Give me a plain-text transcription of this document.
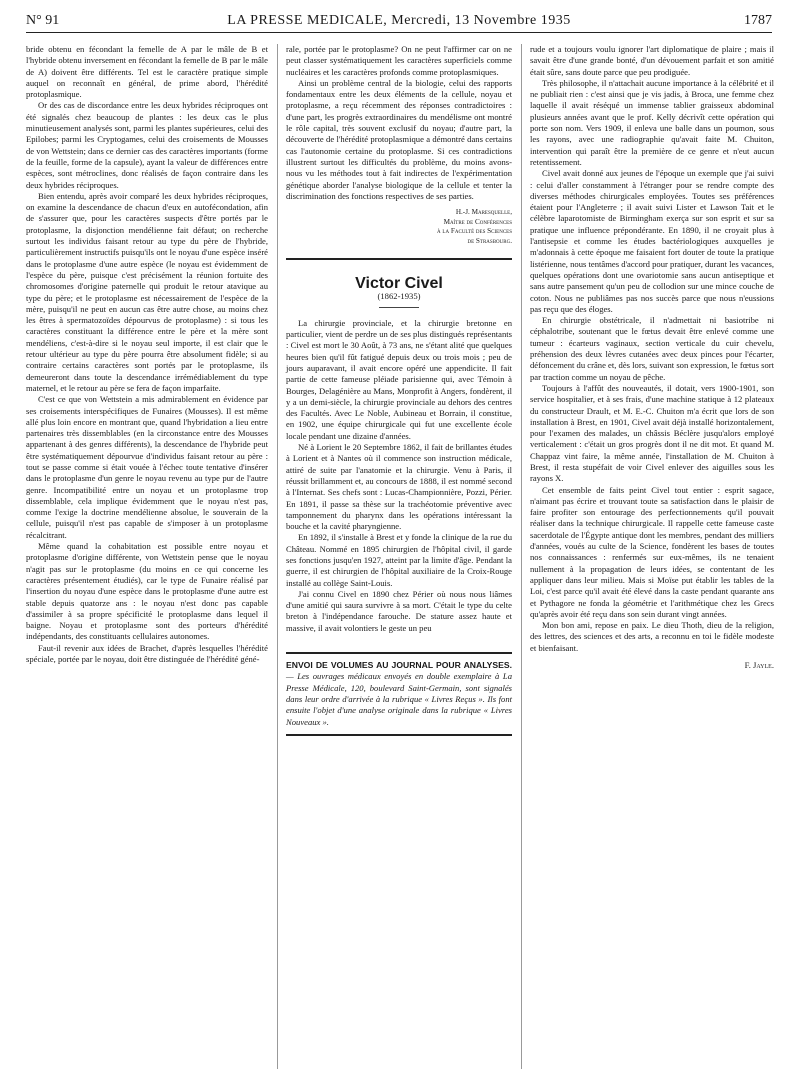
N° 91	LA PRESSE MEDICALE, Mercredi, 13 Novembre 1935	1787

bride obtenu en fécondant la femelle de A par le mâle de B et l'hybride obtenu inversement en fécondant la femelle de B par le mâle de A) doivent être différents. Tel est le caractère pratique simple auquel on reconnaît en général, de prime abord, l'hérédité protoplasmique.

Or des cas de discordance entre les deux hybrides réciproques ont été signalés chez beaucoup de plantes : les deux cas le plus minutieusement analysés sont, parmi les plantes supérieures, celui des Epilobes; parmi les Cryptogames, celui des croisements de Mousses de von Wettstein; dans ce dernier cas des caractères importants (forme de la feuille, forme de la capsule), ayant la valeur de différences entre espèces, sont métroclines, donc réalisés de façon contraire dans les deux hybrides réciproques.

Bien entendu, après avoir comparé les deux hybrides réciproques, on examine la descendance de chacun d'eux en autofécondation, afin de s'assurer que, pour les caractères suspects d'être portés par le protoplasme, la disjonction mendélienne fait défaut; on recherche surtout les individus faisant retour au type du père de l'hybride, particulièrement instructifs puisqu'ils ont le noyau d'une espèce inséré dans le protoplasme d'une autre espèce (le noyau est évidemment de l'espèce du père, puisque c'est précisément la réunion fortuite des chromosomes d'origine paternelle qui produit le retour atavique au type du père; et le protoplasme est nécessairement de l'espèce de la mère, puisqu'il ne peut en aucun cas être autre chose, au moins chez les êtres à spermatozoïdes dépourvus de protoplasme) : si tous les caractères constituant la différence entre le père et la mère sont mendéliens, c'est-à-dire si le noyau seul importe, il est clair que le retour ultérieur au type du père pourra être absolument fidèle; si au contraire certains caractères sont portés par le protoplasme, ils demeureront dans toute la descendance irrémédiablement du type maternel, et le retour au père se fera de façon imparfaite.

C'est ce que von Wettstein a mis admirablement en évidence par ses croisements interspécifiques de Funaires (Mousses). Il est même allé plus loin encore en montrant que, quand l'hybridation a lieu entre partenaires très dissemblables (en la circonstance entre des Mousses appartenant à des genres différents), la descendance de l'hybride peut être systématiquement dépourvue d'individus faisant retour au père : tout se passe comme si était vouée à l'échec toute tentative d'insérer dans le protoplasme d'un genre le noyau revenu au type pur de l'autre genre. Incompatibilité entre un noyau et un protoplasme trop dissemblable, cela implique évidemment que le noyau n'est pas, comme l'exige la doctrine mendélienne absolue, le souverain de la cellule, puisqu'il n'est pas capable de s'imposer à un protoplasme récalcitrant.

Même quand la cohabitation est possible entre noyau et protoplasme d'origine différente, von Wettstein pense que le noyau n'agit pas sur le protoplasme (du moins en ce qui concerne les caractères présentement étudiés), car le type de Funaire réalisé par l'insertion du noyau d'une espèce dans le protoplasme d'une autre est stable depuis quatorze ans : le noyau n'est donc pas capable d'assimiler à sa propre spécificité le protoplasme dans lequel il baigne. Noyau et protoplasme sont des porteurs d'hérédité indépendants, des constituants cellulaires autonomes.

Faut-il revenir aux idées de Brachet, d'après lesquelles l'hérédité spéciale, portée par le noyau, doit être distinguée de l'hérédité géné-

rale, portée par le protoplasme? On ne peut l'affirmer car on ne peut classer systématiquement les caractères superficiels comme nucléaires et les caractères profonds comme protoplasmiques.

Ainsi un problème central de la biologie, celui des rapports fondamentaux entre les deux éléments de la cellule, noyau et protoplasme, a reçu récemment des réponses contradictoires : d'une part, les progrès extraordinaires du mendélisme ont montré le rôle capital, très souvent exclusif du noyau; d'autre part, la découverte de l'hérédité protoplasmique a démontré dans certains cas l'autonomie certaine du protoplasme. Si ces contradictions illustrent surtout les difficultés du problème, du moins avons-nous vu les méthodes tout à fait indirectes de l'expérimentation génétique aborder l'analyse biologique de la cellule et tenter la discrimination des fonctions respectives de ses parties.

H.-J. Maresquelle,
Maître de Conférences
à la Faculté des Sciences
de Strasbourg.
Victor Civel
(1862-1935)

La chirurgie provinciale, et la chirurgie bretonne en particulier, vient de perdre un de ses plus distingués représentants : Civel est mort le 30 Août, à 73 ans, ne s'étant alité que quelques heures bien qu'il fût fatigué depuis deux ou trois mois ; peu de jours auparavant, il avait encore opéré une appendicite. Il fait partie de cette fameuse pléiade parisienne qui, avec Témoin à Bourges, Delagénière au Mans, Monprofit à Angers, fondèrent, il y a un demi-siècle, la chirurgie provinciale au dehors des centres des Facultés. Avec Le Noble, Aubineau et Borrain, il constitue, en 1902, une équipe chirurgicale qui fut une excellente école locale pendant une dizaine d'années.

Né à Lorient le 20 Septembre 1862, il fait de brillantes études à Lorient et à Nantes où il commence son instruction médicale, attiré de suite par l'anatomie et la chirurgie. Venu à Paris, il réussit brillamment et, au concours de 1888, il est nommé second à l'Internat. Ses chefs sont : Lucas-Championnière, Pozzi, Périer. En 1891, il passe sa thèse sur la trachéotomie préventive avec tamponnement du pharynx dans les opérations intéressant la bouche et la cavité pharyngienne.

En 1892, il s'installe à Brest et y fonde la clinique de la rue du Château. Nommé en 1895 chirurgien de l'hôpital civil, il garde ses fonctions jusqu'en 1927, atteint par la limite d'âge. Pendant la guerre, il est chirurgien de l'hôpital auxiliaire de la Croix-Rouge installé au collège Saint-Louis.

J'ai connu Civel en 1890 chez Périer où nous nous liâmes d'une amitié qui saura survivre à sa mort. C'était le type du celte breton à l'indépendance farouche. De stature assez haute et massive, il avait volontiers le geste un peu

ENVOI DE VOLUMES AU JOURNAL POUR ANALYSES. — Les ouvrages médicaux envoyés en double exemplaire à La Presse Médicale, 120, boulevard Saint-Germain, sont signalés dans leur ordre d'arrivée à la rubrique « Livres Reçus ». Ils font ensuite l'objet d'une analyse originale dans la rubrique « Livres Nouveaux ».

rude et a toujours voulu ignorer l'art diplomatique de plaire ; mais il savait être d'une grande bonté, d'un dévouement parfait et son amitié était sûre, sans doute parce que peu prodiguée.

Très philosophe, il n'attachait aucune importance à la célébrité et il ne publiait rien : c'est ainsi que je vis jadis, à Broca, une femme chez laquelle il avait réséqué un immense tablier graisseux abdominal plusieurs années avant que le prof. Kelly décrivît cette opération qui porte son nom. Vers 1909, il enleva une balle dans un poumon, sous les rayons, avec une radiographie qu'avait faite M. Chuiton, intervention qui paraît être la première de ce genre et n'eut aucun retentissement.

Civel avait donné aux jeunes de l'époque un exemple que j'ai suivi : celui d'aller constamment à l'étranger pour se rendre compte des diverses méthodes chirurgicales employées. Toutes ses préférences étaient pour l'Angleterre ; il avait suivi Lister et Lawson Tait et le célèbre laparotomiste de Birmingham exerça sur son esprit et sur sa pratique une influence prépondérante. En 1890, il ne croyait plus à l'antisepsie et comme les études bactériologiques auxquelles je m'adonnais à cette époque me faisaient fort douter de toute la pratique listérienne, nous tentâmes d'accord pour pratiquer, durant les vacances, quelques opérations dont une ovariotomie sans aucun antiseptique et sans autre pansement qu'un peu de collodion sur une mince couche de coton. Nous ne publiâmes pas nos succès parce que nous n'eussions pas reçu que des éloges.

En chirurgie obstétricale, il n'admettait ni basiotribe ni céphalotribe, soutenant que le fœtus devait être enlevé comme une tumeur : écarteurs vaginaux, section verticale du cuir chevelu, préhension des deux lèvres cutanées avec deux pinces pour l'écarter, défoncement du crâne et, dès lors, suivant son expression, le fœtus sort par traction comme un noyau de pêche.

Toujours à l'affût des nouveautés, il dotait, vers 1900-1901, son service hospitalier, et à ses frais, d'une machine statique à 12 plateaux du constructeur Drault, et M. E.-C. Chuiton m'a écrit que lors de son installation à Brest, en 1901, Civel avait déjà installé horizontalement, pour l'examen des malades, un châssis Béclère jusqu'alors employé verticalement : c'était un gros progrès dont il ne dit mot. Et quand M. Chappaz vint faire, la même année, l'installation de M. Chuiton à Brest, il resta stupéfait de voir Civel enlever des aiguilles sous les rayons X.

Cet ensemble de faits peint Civel tout entier : esprit sagace, n'aimant pas écrire et trouvant toute sa satisfaction dans le plaisir de faire profiter son entourage des perfectionnements qu'il pouvait réaliser dans la technique chirurgicale. Il rappelle cette fameuse caste sacerdotale de l'Égypte antique dont les membres, pendant des milliers d'années, voués au culte de la Science, fondèrent les bases de toutes nos connaissances : renfermés sur eux-mêmes, ils ne tenaient nullement à la propagation de leurs idées, se contentant de les appliquer dans leur milieu. Mais si Moïse put établir les tables de la Loi, c'est parce qu'il avait été élevé dans la caste pendant quarante ans et Pythagore ne fonda la géométrie et l'arithmétique chez les Grecs qu'après avoir été reçu dans son sein durant vingt années.

Mon bon ami, repose en paix. Le dieu Thoth, dieu de la religion, des lettres, des sciences et des arts, a reconnu en toi le fidèle modeste et bienfaisant.

F. Jayle.
